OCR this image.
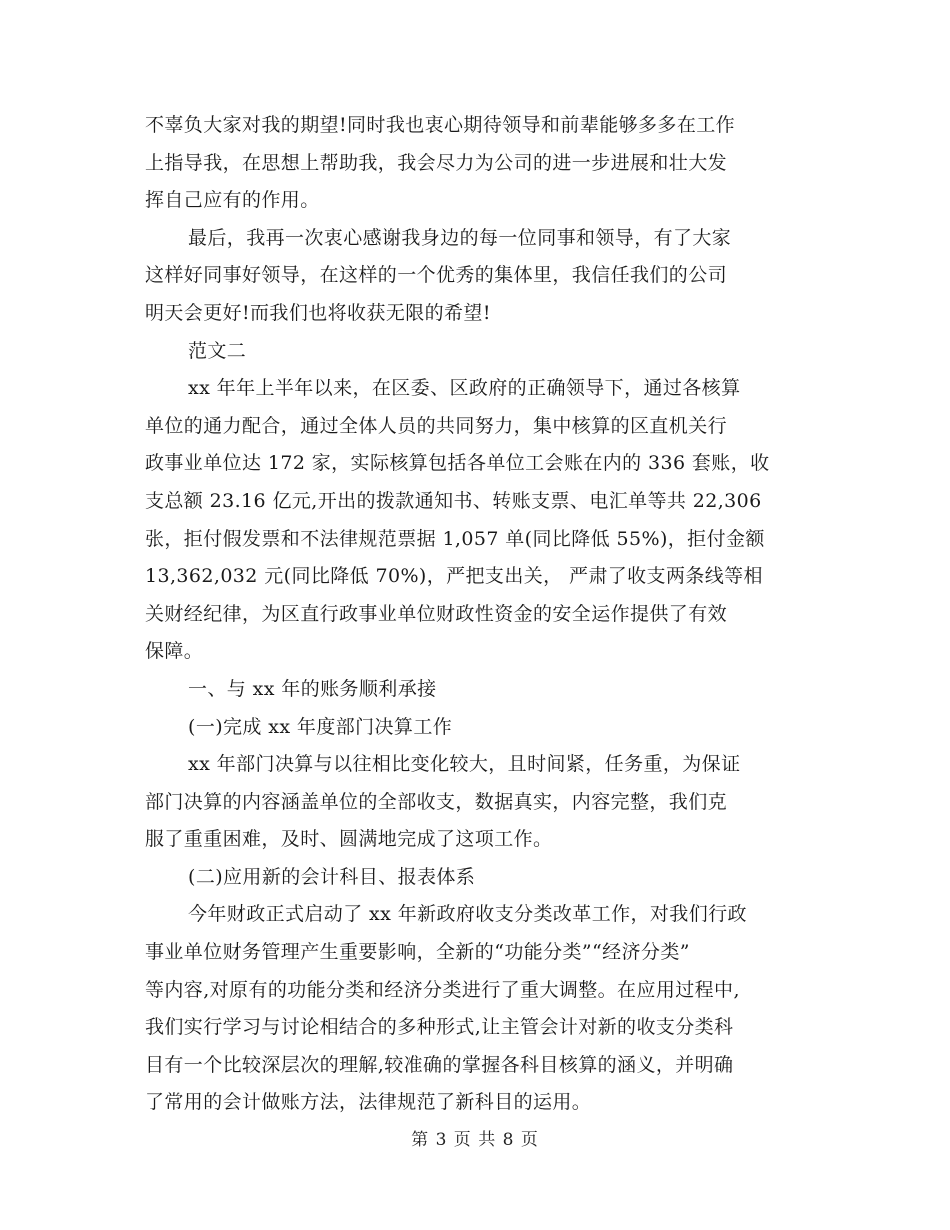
不辜负大家对我的期望!同时我也衷心期待领导和前辈能够多多在工作
上指导我，在思想上帮助我，我会尽力为公司的进一步进展和壮大发
挥自己应有的作用。
最后，我再一次衷心感谢我身边的每一位同事和领导，有了大家
这样好同事好领导，在这样的一个优秀的集体里，我信任我们的公司
明天会更好!而我们也将收获无限的希望!
范文二
xx 年年上半年以来，在区委、区政府的正确领导下，通过各核算
单位的通力配合，通过全体人员的共同努力，集中核算的区直机关行
政事业单位达 172 家，实际核算包括各单位工会账在内的 336 套账，收
支总额 23.16 亿元,开出的拨款通知书、转账支票、电汇单等共 22,306
张，拒付假发票和不法律规范票据 1,057 单(同比降低 55%)，拒付金额
13,362,032 元(同比降低 70%)，严把支出关， 严肃了收支两条线等相
关财经纪律，为区直行政事业单位财政性资金的安全运作提供了有效
保障。
一、与 xx 年的账务顺利承接
(一)完成 xx 年度部门决算工作
xx 年部门决算与以往相比变化较大，且时间紧，任务重，为保证
部门决算的内容涵盖单位的全部收支，数据真实，内容完整，我们克
服了重重困难，及时、圆满地完成了这项工作。
(二)应用新的会计科目、报表体系
今年财政正式启动了 xx 年新政府收支分类改革工作，对我们行政
事业单位财务管理产生重要影响，全新的“功能分类”“经济分类”
等内容,对原有的功能分类和经济分类进行了重大调整。在应用过程中,
我们实行学习与讨论相结合的多种形式,让主管会计对新的收支分类科
目有一个比较深层次的理解,较准确的掌握各科目核算的涵义，并明确
了常用的会计做账方法，法律规范了新科目的运用。
第 3 页 共 8 页
